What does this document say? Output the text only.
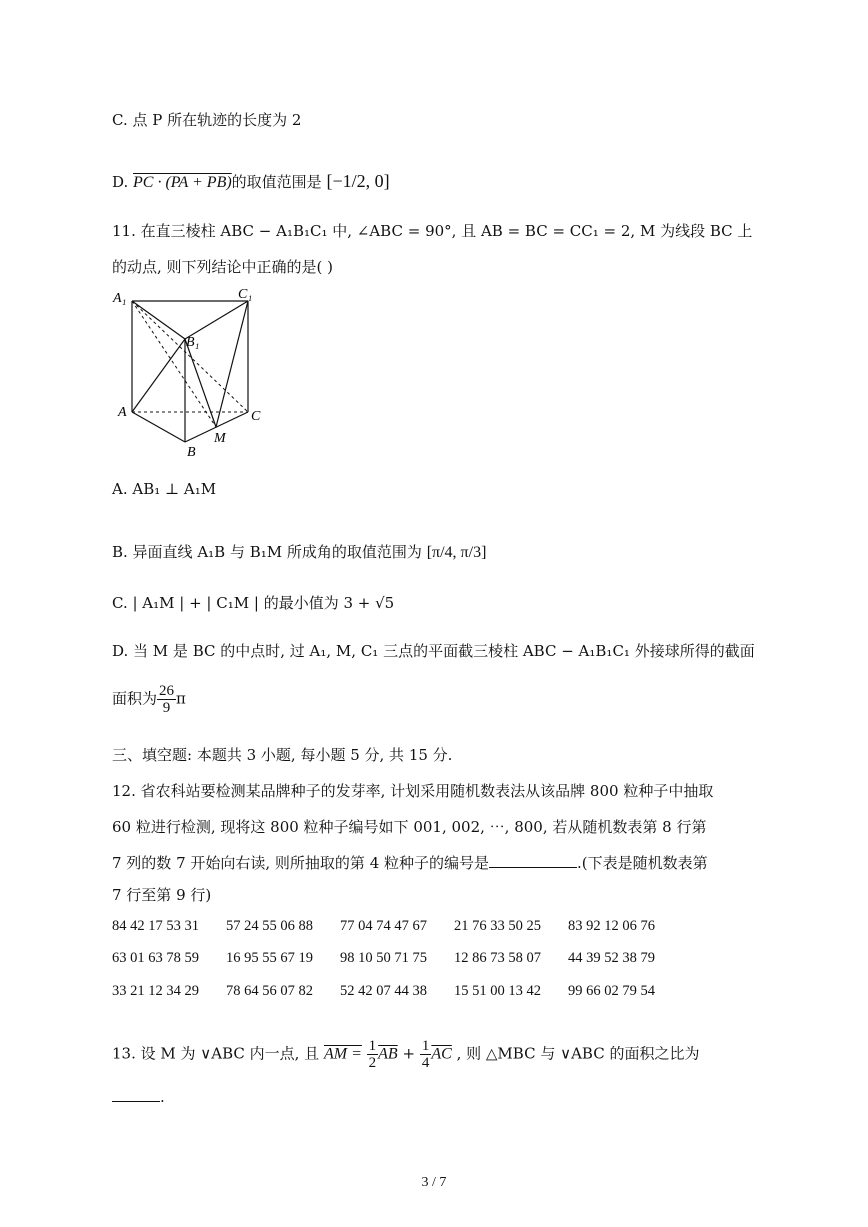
C. 点 P 所在轨迹的长度为 2
D. PC · (PA + PB)的取值范围是 [−1/2, 0]
11. 在直三棱柱 ABC − A₁B₁C₁ 中, ∠ABC = 90°, 且 AB = BC = CC₁ = 2, M 为线段 BC 上
的动点, 则下列结论中正确的是( )
A₁	C₁
B₁
A	C
B
M
A. AB₁ ⊥ A₁M
B. 异面直线 A₁B 与 B₁M 所成角的取值范围为 [π/4, π/3]
C. | A₁M | + | C₁M | 的最小值为 3 + √5
D. 当 M 是 BC 的中点时, 过 A₁, M, C₁ 三点的平面截三棱柱 ABC − A₁B₁C₁ 外接球所得的截面
面积为 $\frac{26}{9}$ π
三、填空题: 本题共 3 小题, 每小题 5 分, 共 15 分.
12. 省农科站要检测某品牌种子的发芽率, 计划采用随机数表法从该品牌 800 粒种子中抽取
60 粒进行检测, 现将这 800 粒种子编号如下 001, 002, ⋯, 800, 若从随机数表第 8 行第
7 列的数 7 开始向右读, 则所抽取的第 4 粒种子的编号是	.(下表是随机数表第
7 行至第 9 行)
84 42 17 53 31 57 24 55 06 88 77 04 74 47 67 21 76 33 50 25 83 92 12 06 76
63 01 63 78 59 16 95 55 67 19 98 10 50 71 75 12 86 73 58 07 44 39 52 38 79
33 21 12 34 29 78 64 56 07 82 52 42 07 44 38 15 51 00 13 42 99 66 02 79 54
13. 设 M 为 ∨ABC 内一点, 且 AM = $\frac{1}{2} \overline{AB} + \frac{1}{4} \overline{AC}$ , 则 △MBC 与 ∨ABC 的面积之比为
.
3 / 7
